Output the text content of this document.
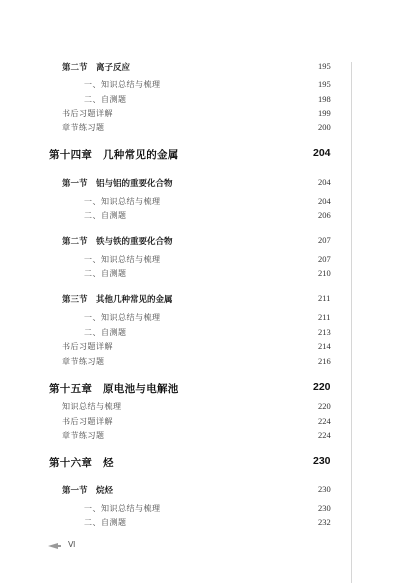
第二节　离子反应	195
一、知识总结与梳理	195
二、自测题	198
书后习题详解	199
章节练习题	200
第十四章　几种常见的金属	204
第一节　铝与铝的重要化合物	204
一、知识总结与梳理	204
二、自测题	206
第二节　铁与铁的重要化合物	207
一、知识总结与梳理	207
二、自测题	210
第三节　其他几种常见的金属	211
一、知识总结与梳理	211
二、自测题	213
书后习题详解	214
章节练习题	216
第十五章　原电池与电解池	220
知识总结与梳理	220
书后习题详解	224
章节练习题	224
第十六章　烃	230
第一节　烷烃	230
一、知识总结与梳理	230
二、自测题	232
Ⅵ
